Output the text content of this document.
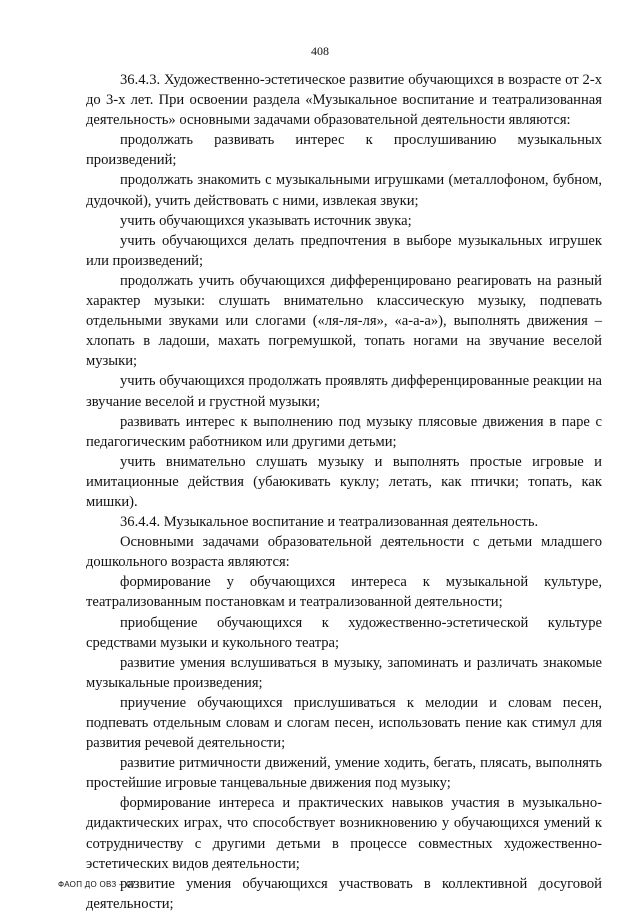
408

36.4.3. Художественно-эстетическое развитие обучающихся в возрасте от 2-х до 3-х лет. При освоении раздела «Музыкальное воспитание и театрализованная деятельность» основными задачами образовательной деятельности являются:

продолжать развивать интерес к прослушиванию музыкальных произведений;

продолжать знакомить с музыкальными игрушками (металлофоном, бубном, дудочкой), учить действовать с ними, извлекая звуки;

учить обучающихся указывать источник звука;

учить обучающихся делать предпочтения в выборе музыкальных игрушек или произведений;

продолжать учить обучающихся дифференцировано реагировать на разный характер музыки: слушать внимательно классическую музыку, подпевать отдельными звуками или слогами («ля-ля-ля», «а-а-а»), выполнять движения – хлопать в ладоши, махать погремушкой, топать ногами на звучание веселой музыки;

учить обучающихся продолжать проявлять дифференцированные реакции на звучание веселой и грустной музыки;

развивать интерес к выполнению под музыку плясовые движения в паре с педагогическим работником или другими детьми;

учить внимательно слушать музыку и выполнять простые игровые и имитационные действия (убаюкивать куклу; летать, как птички; топать, как мишки).

36.4.4. Музыкальное воспитание и театрализованная деятельность.

Основными задачами образовательной деятельности с детьми младшего дошкольного возраста являются:

формирование у обучающихся интереса к музыкальной культуре, театрализованным постановкам и театрализованной деятельности;

приобщение обучающихся к художественно-эстетической культуре средствами музыки и кукольного театра;

развитие умения вслушиваться в музыку, запоминать и различать знакомые музыкальные произведения;

приучение обучающихся прислушиваться к мелодии и словам песен, подпевать отдельным словам и слогам песен, использовать пение как стимул для развития речевой деятельности;

развитие ритмичности движений, умение ходить, бегать, плясать, выполнять простейшие игровые танцевальные движения под музыку;

формирование интереса и практических навыков участия в музыкально-дидактических играх, что способствует возникновению у обучающихся умений к сотрудничеству с другими детьми в процессе совместных художественно-эстетических видов деятельности;

развитие умения обучающихся участвовать в коллективной досуговой деятельности;

ФАОП ДО ОВЗ – 07
